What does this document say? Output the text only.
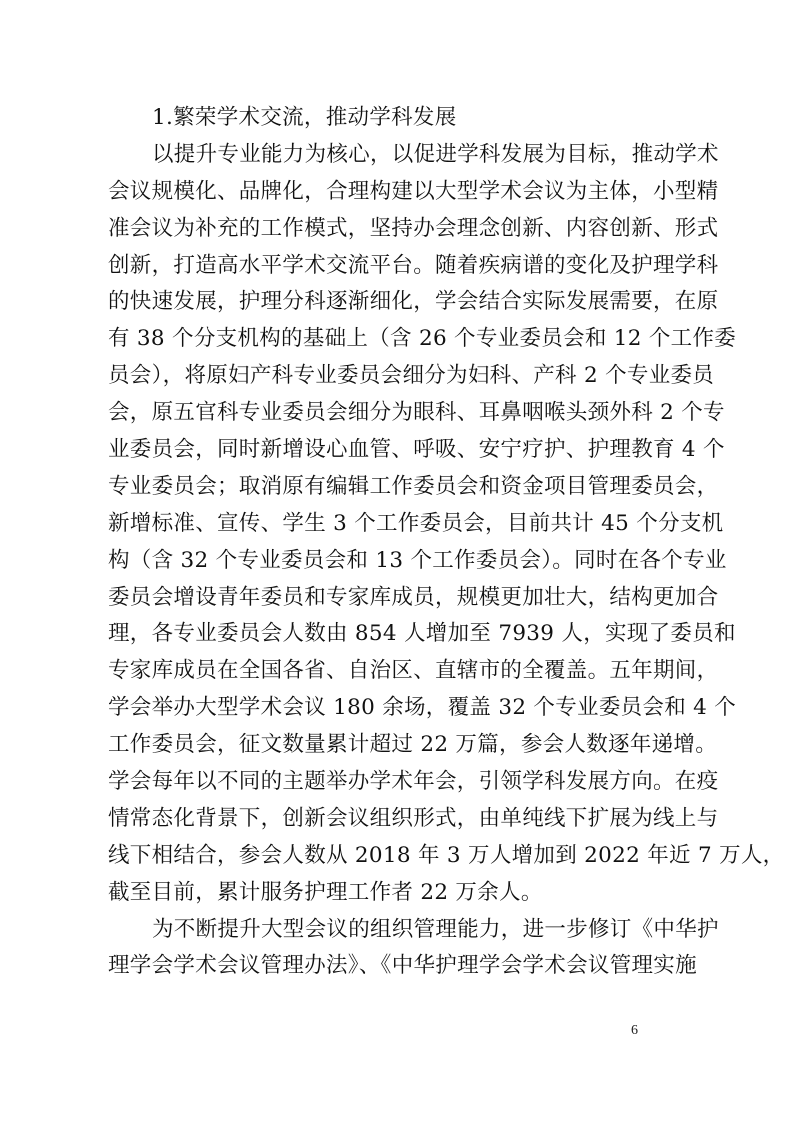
1.繁荣学术交流，推动学科发展
以提升专业能力为核心，以促进学科发展为目标，推动学术
会议规模化、品牌化，合理构建以大型学术会议为主体，小型精
准会议为补充的工作模式，坚持办会理念创新、内容创新、形式
创新，打造高水平学术交流平台。随着疾病谱的变化及护理学科
的快速发展，护理分科逐渐细化，学会结合实际发展需要，在原
有 38 个分支机构的基础上（含 26 个专业委员会和 12 个工作委
员会），将原妇产科专业委员会细分为妇科、产科 2 个专业委员
会，原五官科专业委员会细分为眼科、耳鼻咽喉头颈外科 2 个专
业委员会，同时新增设心血管、呼吸、安宁疗护、护理教育 4 个
专业委员会；取消原有编辑工作委员会和资金项目管理委员会，
新增标准、宣传、学生 3 个工作委员会，目前共计 45 个分支机
构（含 32 个专业委员会和 13 个工作委员会）。同时在各个专业
委员会增设青年委员和专家库成员，规模更加壮大，结构更加合
理，各专业委员会人数由 854 人增加至 7939 人，实现了委员和
专家库成员在全国各省、自治区、直辖市的全覆盖。五年期间，
学会举办大型学术会议 180 余场，覆盖 32 个专业委员会和 4 个
工作委员会，征文数量累计超过 22 万篇，参会人数逐年递增。
学会每年以不同的主题举办学术年会，引领学科发展方向。在疫
情常态化背景下，创新会议组织形式，由单纯线下扩展为线上与
线下相结合，参会人数从 2018 年 3 万人增加到 2022 年近 7 万人，
截至目前，累计服务护理工作者 22 万余人。
为不断提升大型会议的组织管理能力，进一步修订《中华护
理学会学术会议管理办法》、《中华护理学会学术会议管理实施
6
